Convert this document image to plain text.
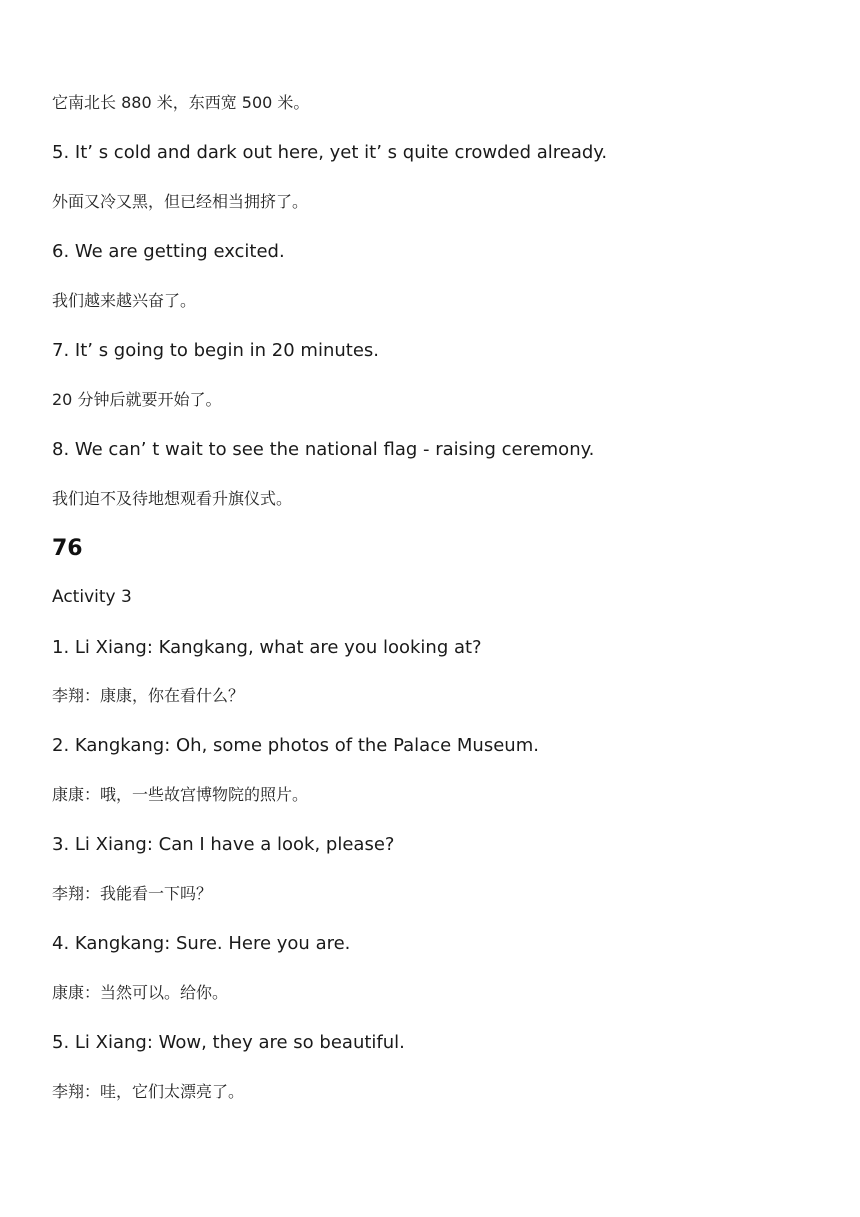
它南北长 880 米，东西宽 500 米。
5. It’ s cold and dark out here, yet it’ s quite crowded already.
外面又冷又黑，但已经相当拥挤了。
6. We are getting excited.
我们越来越兴奋了。
7. It’ s going to begin in 20 minutes.
20 分钟后就要开始了。
8. We can’ t wait to see the national flag - raising ceremony.
我们迫不及待地想观看升旗仪式。
76
Activity 3
1. Li Xiang: Kangkang, what are you looking at?
李翔：康康，你在看什么？
2. Kangkang: Oh, some photos of the Palace Museum.
康康：哦，一些故宫博物院的照片。
3. Li Xiang: Can I have a look, please?
李翔：我能看一下吗？
4. Kangkang: Sure. Here you are.
康康：当然可以。给你。
5. Li Xiang: Wow, they are so beautiful.
李翔：哇，它们太漂亮了。
